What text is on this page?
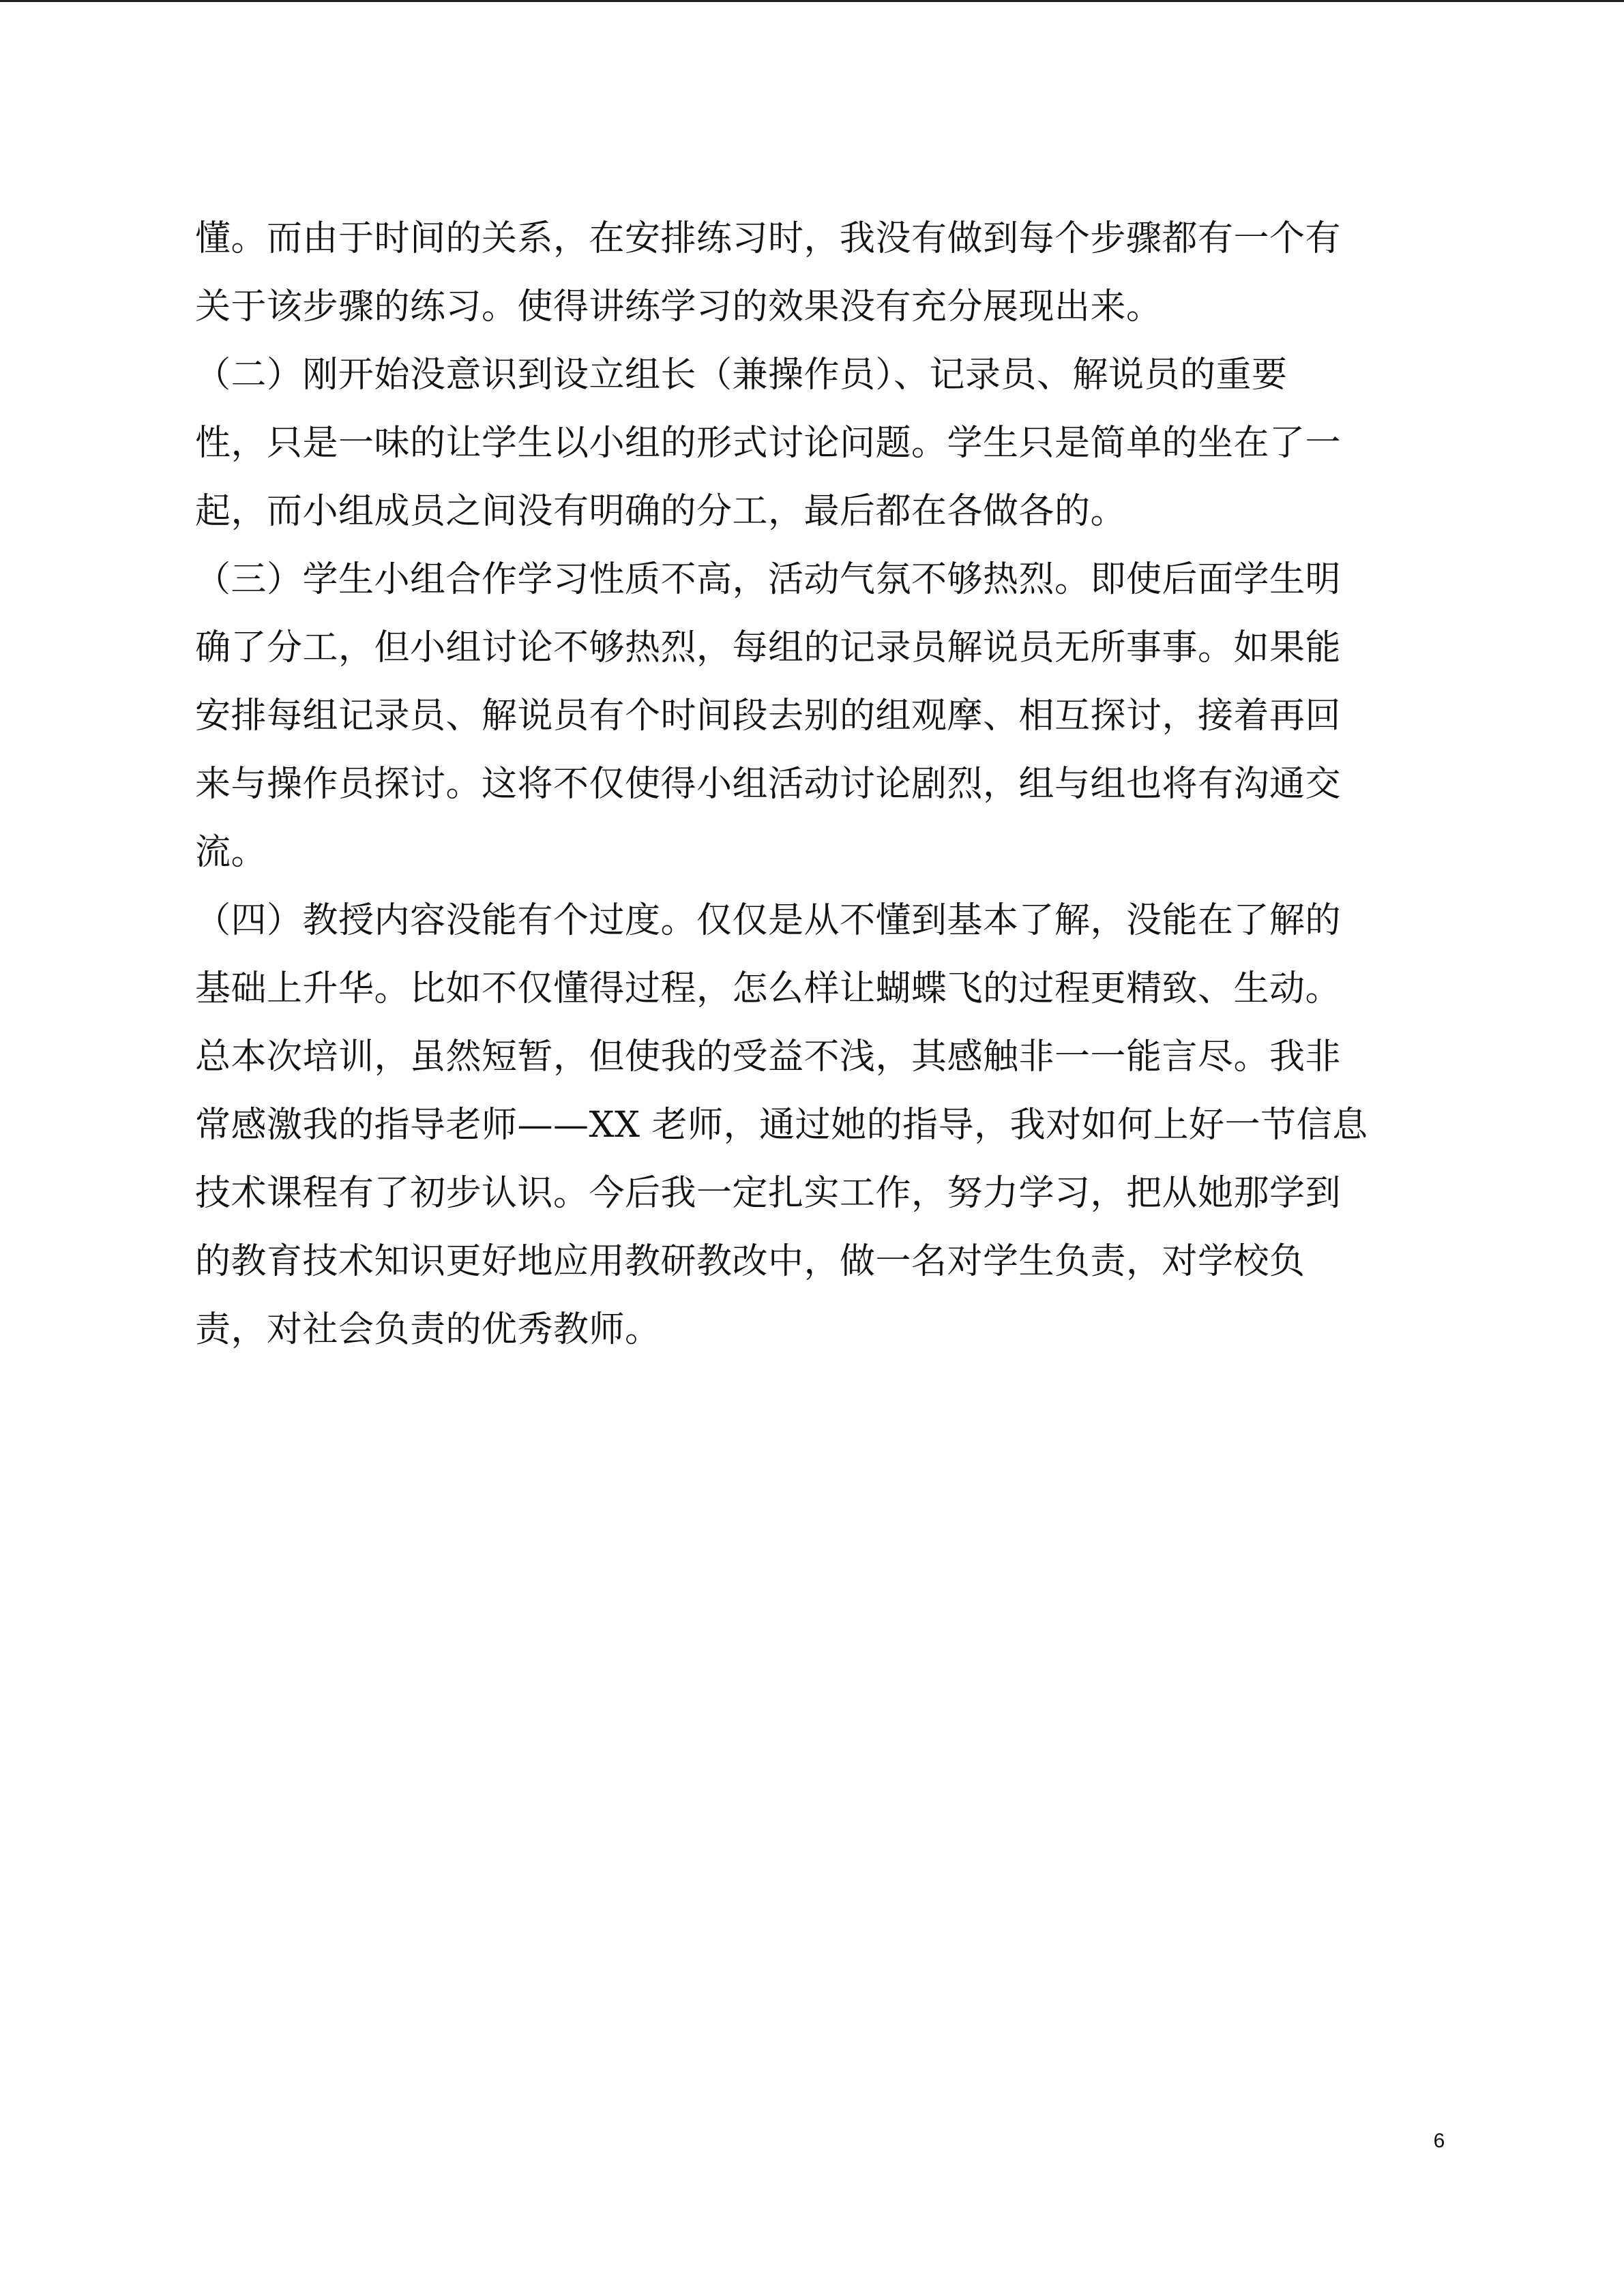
懂。而由于时间的关系，在安排练习时，我没有做到每个步骤都有一个有
关于该步骤的练习。使得讲练学习的效果没有充分展现出来。
（二）刚开始没意识到设立组长（兼操作员）、记录员、解说员的重要
性，只是一味的让学生以小组的形式讨论问题。学生只是简单的坐在了一
起，而小组成员之间没有明确的分工，最后都在各做各的。
（三）学生小组合作学习性质不高，活动气氛不够热烈。即使后面学生明
确了分工，但小组讨论不够热烈，每组的记录员解说员无所事事。如果能
安排每组记录员、解说员有个时间段去别的组观摩、相互探讨，接着再回
来与操作员探讨。这将不仅使得小组活动讨论剧烈，组与组也将有沟通交
流。
（四）教授内容没能有个过度。仅仅是从不懂到基本了解，没能在了解的
基础上升华。比如不仅懂得过程，怎么样让蝴蝶飞的过程更精致、生动。
总本次培训，虽然短暂，但使我的受益不浅，其感触非一一能言尽。我非
常感激我的指导老师——XX 老师，通过她的指导，我对如何上好一节信息
技术课程有了初步认识。今后我一定扎实工作，努力学习，把从她那学到
的教育技术知识更好地应用教研教改中，做一名对学生负责，对学校负
责，对社会负责的优秀教师。
6
